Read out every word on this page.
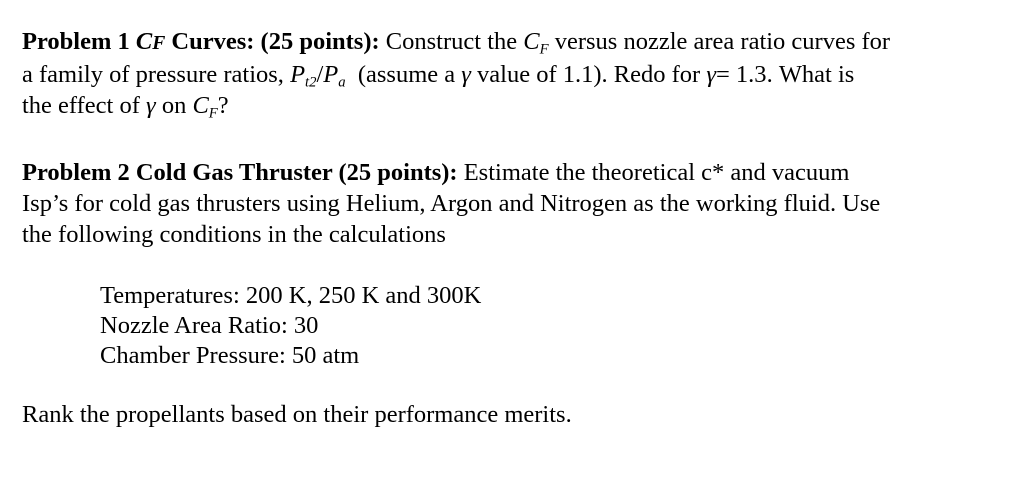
Problem 1 CF Curves: (25 points): Construct the $C_F$ versus nozzle area ratio curves for
a family of pressure ratios, $P_{t2}/P_a$ (assume a γ value of 1.1). Redo for γ= 1.3. What is
the effect of γ on $C_F$?
Problem 2 Cold Gas Thruster (25 points): Estimate the theoretical c* and vacuum
Isp’s for cold gas thrusters using Helium, Argon and Nitrogen as the working fluid. Use
the following conditions in the calculations
Temperatures: 200 K, 250 K and 300K
Nozzle Area Ratio: 30
Chamber Pressure: 50 atm
Rank the propellants based on their performance merits.
